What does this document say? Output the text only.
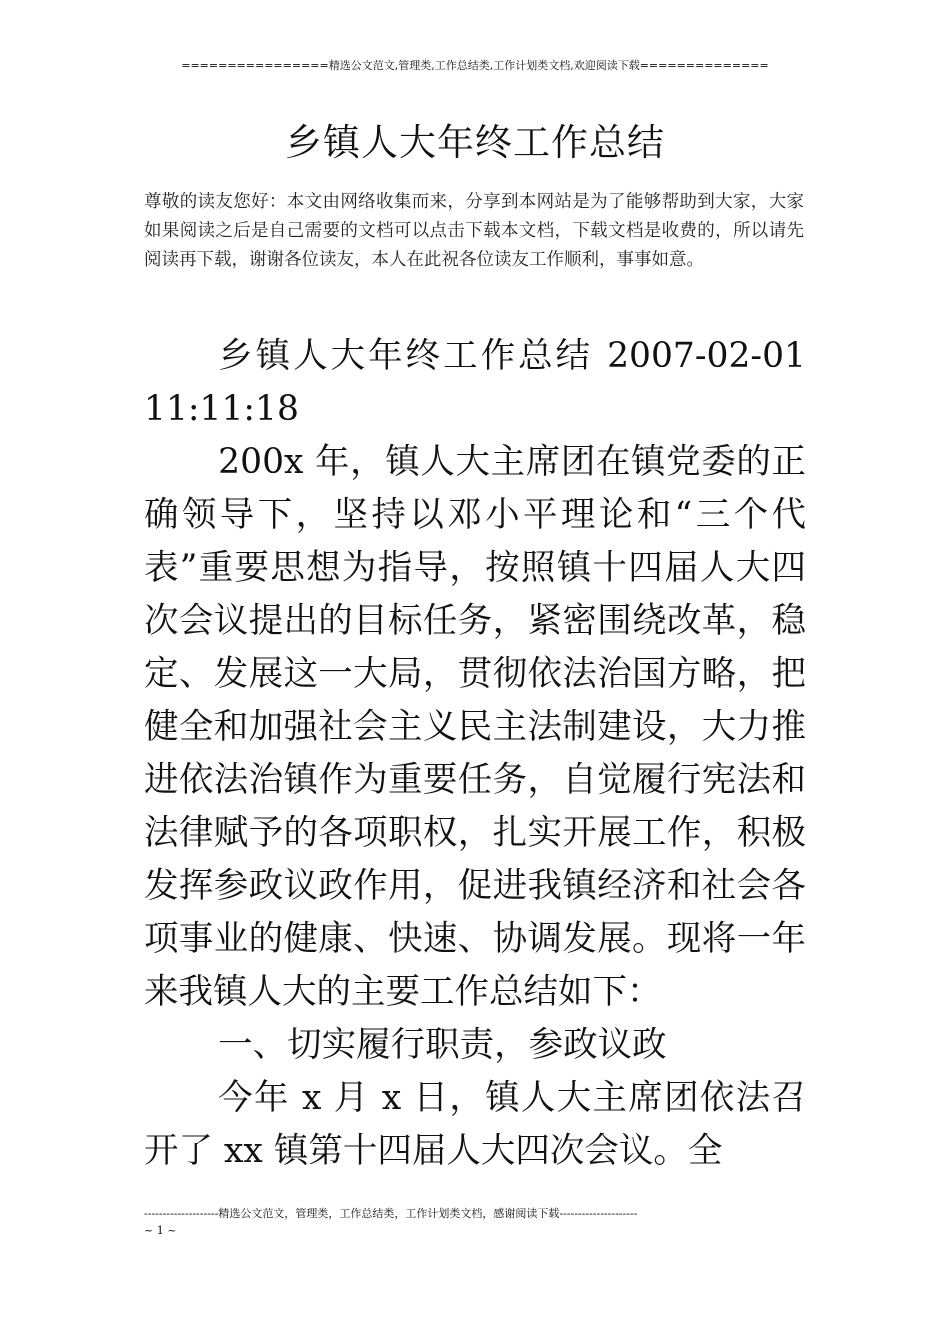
================精选公文范文,管理类,工作总结类,工作计划类文档,欢迎阅读下载==============
乡镇人大年终工作总结
尊敬的读友您好：本文由网络收集而来，分享到本网站是为了能够帮助到大家，大家如果阅读之后是自己需要的文档可以点击下载本文档，下载文档是收费的，所以请先阅读再下载，谢谢各位读友，本人在此祝各位读友工作顺利，事事如意。

乡镇人大年终工作总结 2007-02-01 11:11:18

200x 年，镇人大主席团在镇党委的正确领导下，坚持以邓小平理论和“三个代表”重要思想为指导，按照镇十四届人大四次会议提出的目标任务，紧密围绕改革，稳定、发展这一大局，贯彻依法治国方略，把健全和加强社会主义民主法制建设，大力推进依法治镇作为重要任务，自觉履行宪法和法律赋予的各项职权，扎实开展工作，积极发挥参政议政作用，促进我镇经济和社会各项事业的健康、快速、协调发展。现将一年来我镇人大的主要工作总结如下：

一、切实履行职责，参政议政

今年 x 月 x 日，镇人大主席团依法召开了 xx 镇第十四届人大四次会议。全

--------------------精选公文范文，管理类，工作总结类，工作计划类文档，感谢阅读下载---------------------
~ 1 ~
